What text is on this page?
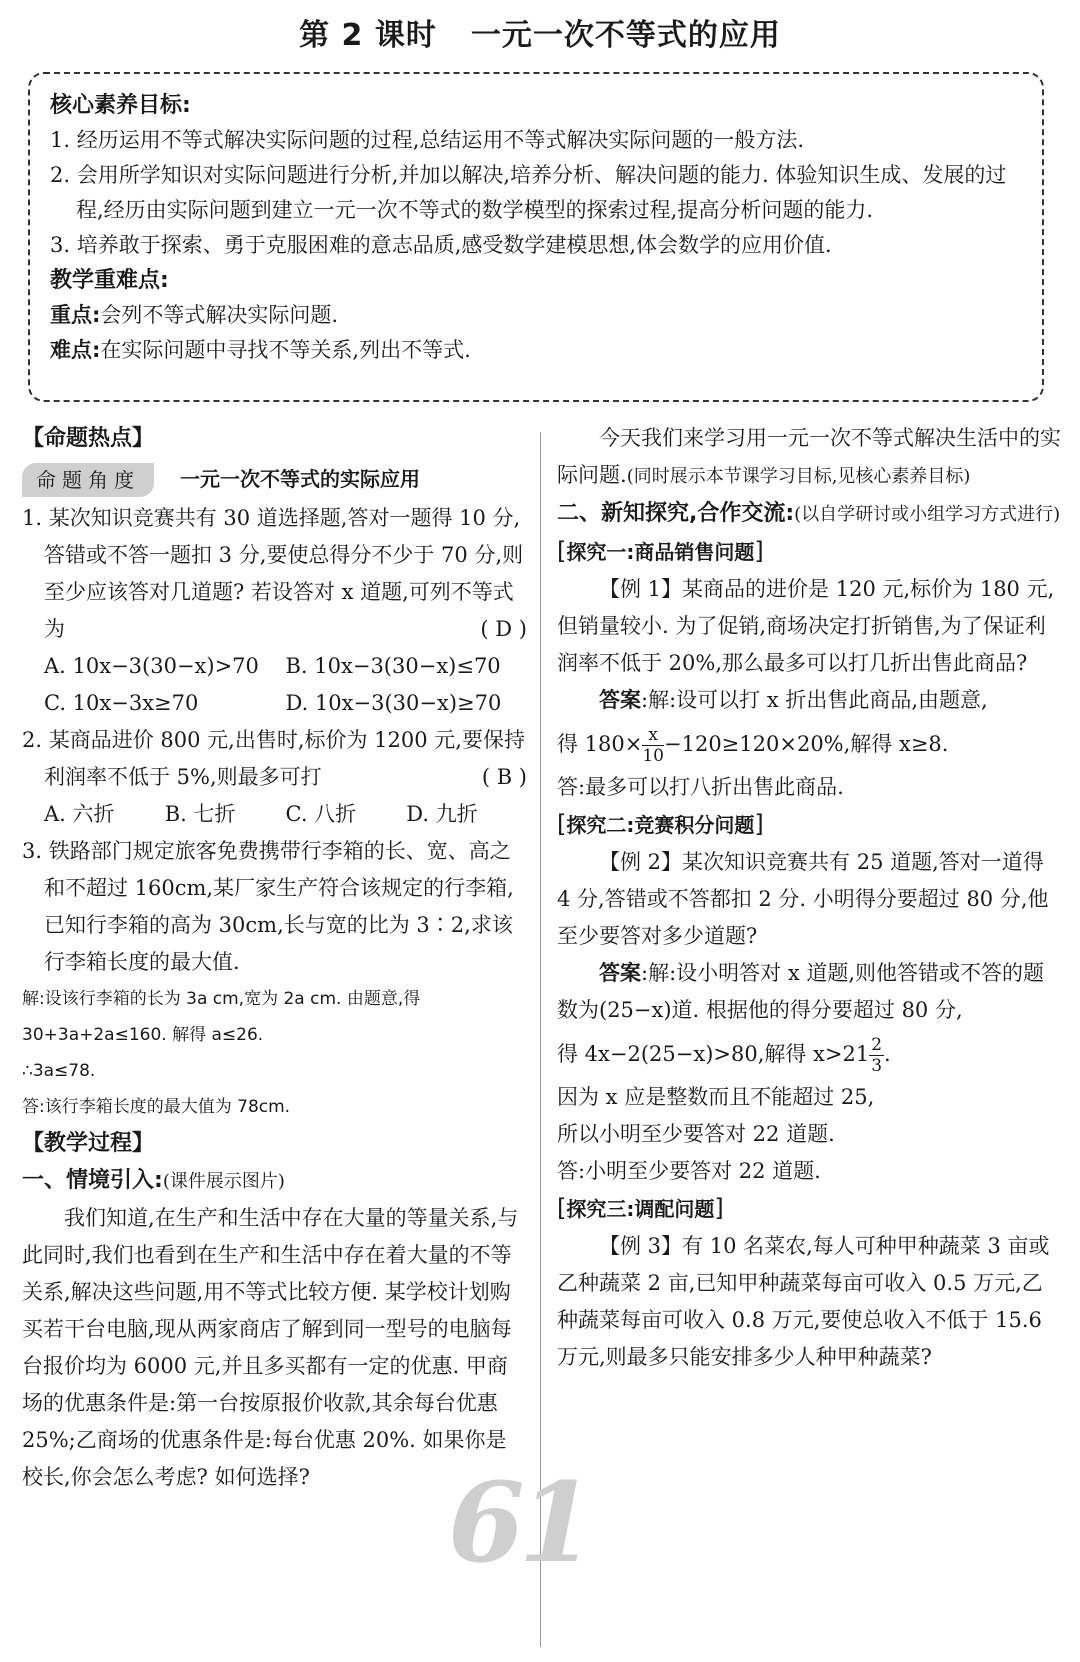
第 2 课时 一元一次不等式的应用
核心素养目标:
1. 经历运用不等式解决实际问题的过程,总结运用不等式解决实际问题的一般方法.
2. 会用所学知识对实际问题进行分析,并加以解决,培养分析、解决问题的能力. 体验知识生成、发展的过程,经历由实际问题到建立一元一次不等式的数学模型的探索过程,提高分析问题的能力.
3. 培养敢于探索、勇于克服困难的意志品质,感受数学建模思想,体会数学的应用价值.
教学重难点:
重点:会列不等式解决实际问题.
难点:在实际问题中寻找不等关系,列出不等式.
【命题热点】
命题角度	一元一次不等式的实际应用
1. 某次知识竞赛共有 30 道选择题,答对一题得 10 分,答错或不答一题扣 3 分,要使总得分不少于 70 分,则至少应该答对几道题? 若设答对 x 道题,可列不等式为	( D )
A. 10x−3(30−x)>70	B. 10x−3(30−x)≤70
C. 10x−3x≥70	D. 10x−3(30−x)≥70
2. 某商品进价 800 元,出售时,标价为 1200 元,要保持利润率不低于 5%,则最多可打	( B )
A. 六折	B. 七折	C. 八折	D. 九折
3. 铁路部门规定旅客免费携带行李箱的长、宽、高之和不超过 160cm,某厂家生产符合该规定的行李箱,已知行李箱的高为 30cm,长与宽的比为 3∶2,求该行李箱长度的最大值.
解:设该行李箱的长为 3a cm,宽为 2a cm. 由题意,得
30+3a+2a≤160. 解得 a≤26.
∴3a≤78.
答:该行李箱长度的最大值为 78cm.
【教学过程】
一、情境引入:(课件展示图片)
我们知道,在生产和生活中存在大量的等量关系,与此同时,我们也看到在生产和生活中存在着大量的不等关系,解决这些问题,用不等式比较方便. 某学校计划购买若干台电脑,现从两家商店了解到同一型号的电脑每台报价均为 6000 元,并且多买都有一定的优惠. 甲商场的优惠条件是:第一台按原报价收款,其余每台优惠 25%;乙商场的优惠条件是:每台优惠 20%. 如果你是校长,你会怎么考虑? 如何选择?
今天我们来学习用一元一次不等式解决生活中的实际问题.(同时展示本节课学习目标,见核心素养目标)
二、新知探究,合作交流:(以自学研讨或小组学习方式进行)
[探究一:商品销售问题]
【例 1】某商品的进价是 120 元,标价为 180 元,但销量较小. 为了促销,商场决定打折销售,为了保证利润率不低于 20%,那么最多可以打几折出售此商品?
答案:解:设可以打 x 折出售此商品,由题意,
得 $180\times \frac{x}{10} -120\ge 120\times 20\%$,解得 x≥8.
答:最多可以打八折出售此商品.
[探究二:竞赛积分问题]
【例 2】某次知识竞赛共有 25 道题,答对一道得 4 分,答错或不答都扣 2 分. 小明得分要超过 80 分,他至少要答对多少道题?
答案:解:设小明答对 x 道题,则他答错或不答的题数为(25−x)道. 根据他的得分要超过 80 分,
得 4x−2(25−x)>80,解得 $x>21 \frac{2}{3}$ .
因为 x 应是整数而且不能超过 25,
所以小明至少要答对 22 道题.
答:小明至少要答对 22 道题.
[探究三:调配问题]
【例 3】有 10 名菜农,每人可种甲种蔬菜 3 亩或乙种蔬菜 2 亩,已知甲种蔬菜每亩可收入 0.5 万元,乙种蔬菜每亩可收入 0.8 万元,要使总收入不低于 15.6 万元,则最多只能安排多少人种甲种蔬菜?
61
